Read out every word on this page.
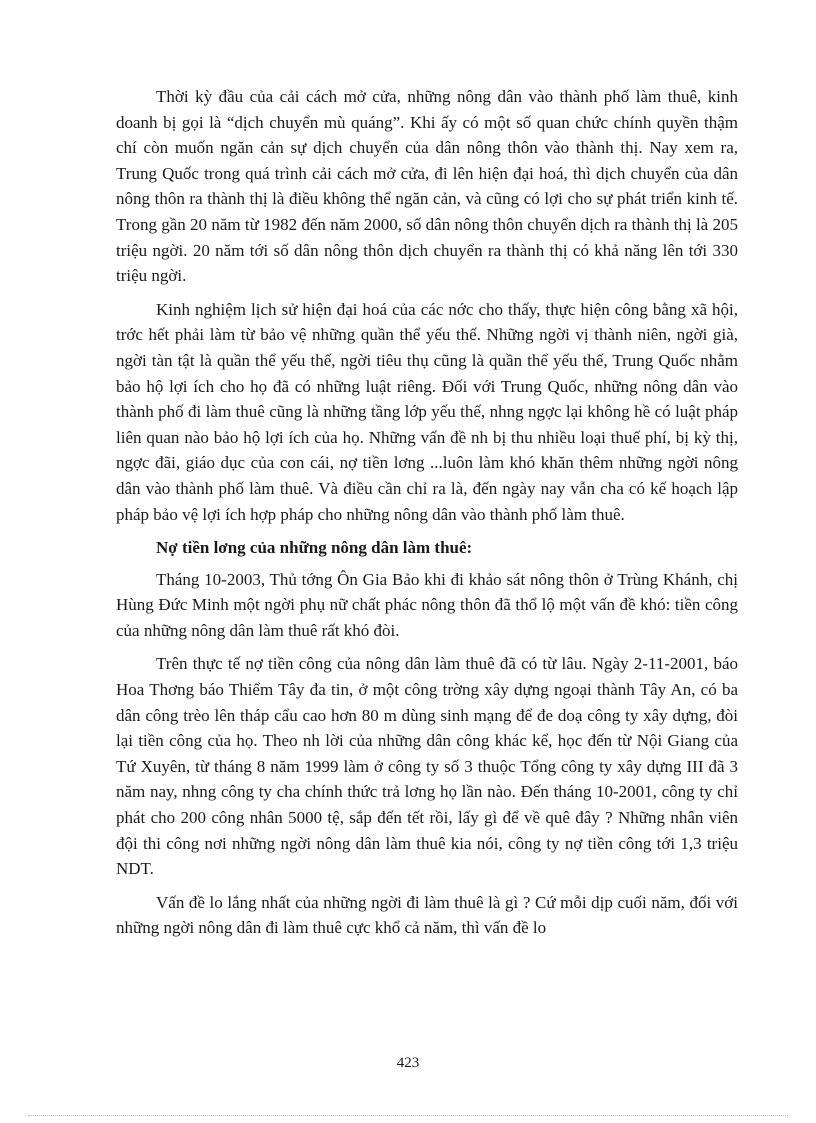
Thời kỳ đầu của cải cách mở cửa, những nông dân vào thành phố làm thuê, kinh doanh bị gọi là “dịch chuyển mù quáng”. Khi ấy có một số quan chức chính quyền thậm chí còn muốn ngăn cản sự dịch chuyển của dân nông thôn vào thành thị. Nay xem ra, Trung Quốc trong quá trình cải cách mở cửa, đi lên hiện đại hoá, thì dịch chuyển của dân nông thôn ra thành thị là điều không thể ngăn cản, và cũng có lợi cho sự phát triển kinh tế. Trong gần 20 năm từ 1982 đến năm 2000, số dân nông thôn chuyển dịch ra thành thị là 205 triệu ngời. 20 năm tới số dân nông thôn dịch chuyển ra thành thị có khả năng lên tới 330 triệu ngời.

Kinh nghiệm lịch sử hiện đại hoá của các nớc cho thấy, thực hiện công bằng xã hội, trớc hết phải làm từ bảo vệ những quần thể yếu thế. Những ngời vị thành niên, ngời già, ngời tàn tật là quần thể yếu thế, ngời tiêu thụ cũng là quần thể yếu thế, Trung Quốc nhằm bảo hộ lợi ích cho họ đã có những luật riêng. Đối với Trung Quốc, những nông dân vào thành phố đi làm thuê cũng là những tầng lớp yếu thế, nhng ngợc lại không hề có luật pháp liên quan nào bảo hộ lợi ích của họ. Những vấn đề nh bị thu nhiều loại thuế phí, bị kỳ thị, ngợc đãi, giáo dục của con cái, nợ tiền lơng ...luôn làm khó khăn thêm những ngời nông dân vào thành phố làm thuê. Và điều cần chỉ ra là, đến ngày nay vẫn cha có kế hoạch lập pháp bảo vệ lợi ích hợp pháp cho những nông dân vào thành phố làm thuê.

Nợ tiền lơng của những nông dân làm thuê:

Tháng 10-2003, Thủ tớng Ôn Gia Bảo khi đi khảo sát nông thôn ở Trùng Khánh, chị Hùng Đức Minh một ngời phụ nữ chất phác nông thôn đã thổ lộ một vấn đề khó: tiền công của những nông dân làm thuê rất khó đòi.

Trên thực tế nợ tiền công của nông dân làm thuê đã có từ lâu. Ngày 2-11-2001, báo Hoa Thơng báo Thiểm Tây đa tin, ở một công trờng xây dựng ngoại thành Tây An, có ba dân công trèo lên tháp cẩu cao hơn 80 m dùng sinh mạng để đe doạ công ty xây dựng, đòi lại tiền công của họ. Theo nh lời của những dân công khác kể, học đến từ Nội Giang của Tứ Xuyên, từ tháng 8 năm 1999 làm ở công ty số 3 thuộc Tổng công ty xây dựng III đã 3 năm nay, nhng công ty cha chính thức trả lơng họ lần nào. Đến tháng 10-2001, công ty chỉ phát cho 200 công nhân 5000 tệ, sắp đến tết rồi, lấy gì để về quê đây ? Những nhân viên đội thi công nơi những ngời nông dân làm thuê kia nói, công ty nợ tiền công tới 1,3 triệu NDT.

Vấn đề lo lắng nhất của những ngời đi làm thuê là gì ? Cứ mỗi dịp cuối năm, đối với những ngời nông dân đi làm thuê cực khổ cả năm, thì vấn đề lo

423
